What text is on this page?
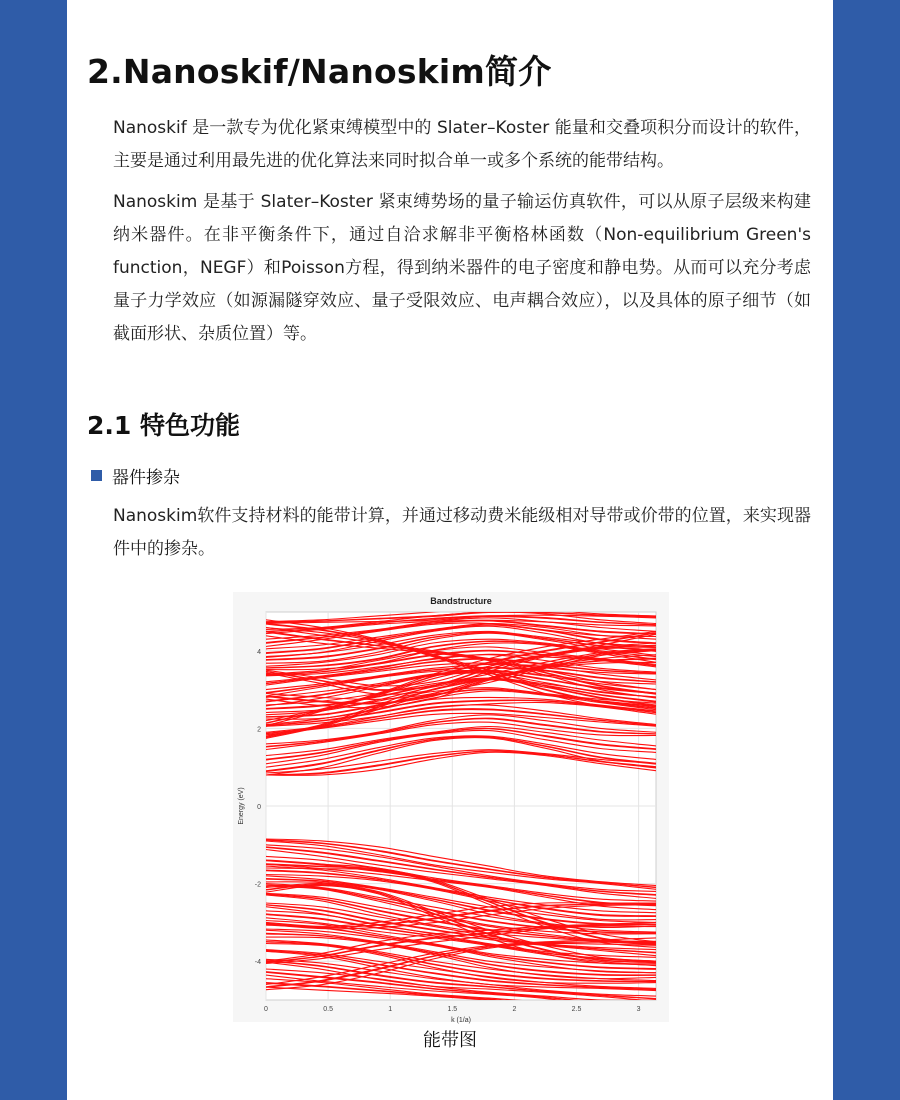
2.Nanoskif/Nanoskim简介

Nanoskif 是一款专为优化紧束缚模型中的 Slater–Koster 能量和交叠项积分而设计的软件，主要是通过利用最先进的优化算法来同时拟合单一或多个系统的能带结构。

Nanoskim 是基于 Slater–Koster 紧束缚势场的量子输运仿真软件，可以从原子层级来构建纳米器件。在非平衡条件下，通过自洽求解非平衡格林函数（Non-equilibrium Green's function，NEGF）和Poisson方程，得到纳米器件的电子密度和静电势。从而可以充分考虑量子力学效应（如源漏隧穿效应、量子受限效应、电声耦合效应），以及具体的原子细节（如截面形状、杂质位置）等。

2.1 特色功能
器件掺杂

Nanoskim软件支持材料的能带计算，并通过移动费米能级相对导带或价带的位置，来实现器件中的掺杂。

Bandstructure
0	0.5	1	1.5	2	2.5	3
4
2
0
-2
-4
k (1/a)
Energy (eV)
能带图
